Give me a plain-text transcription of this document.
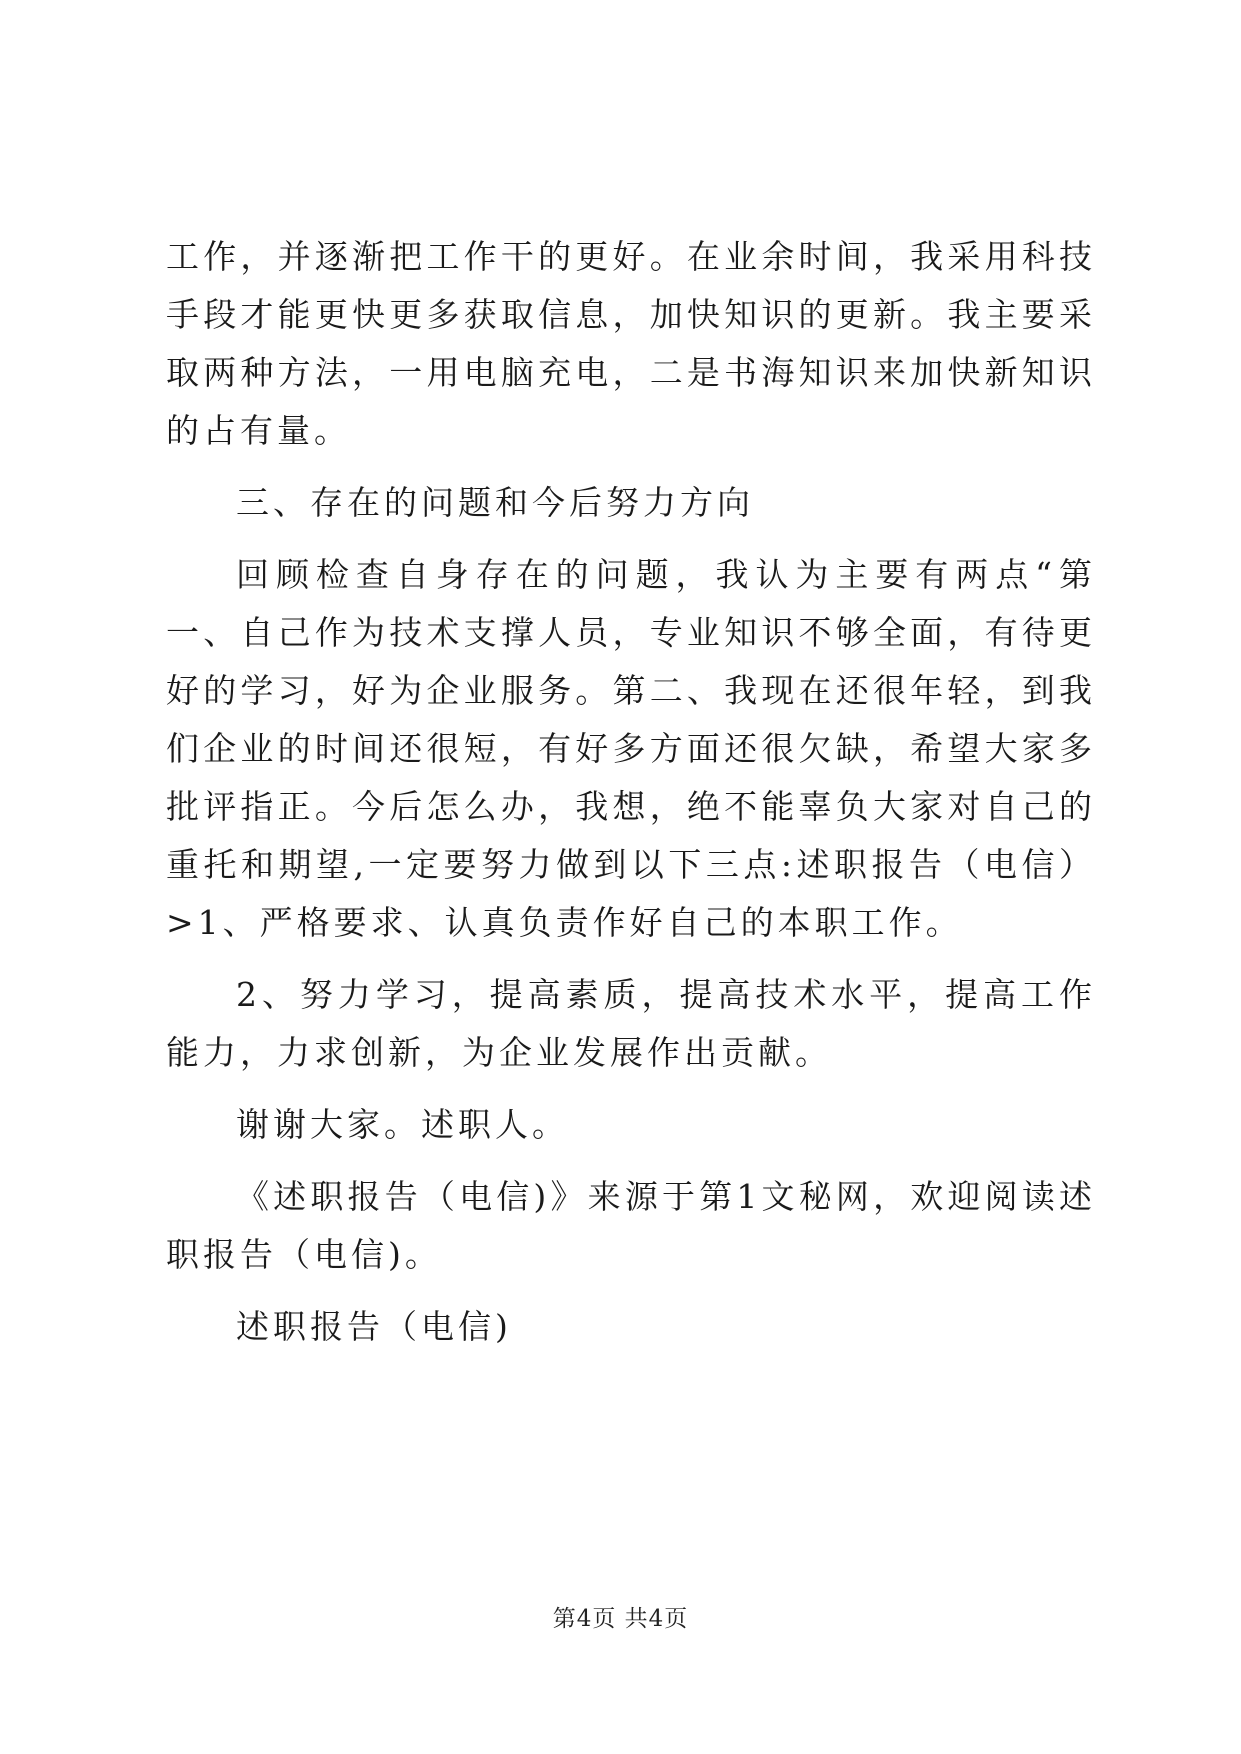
工作，并逐渐把工作干的更好。在业余时间，我采用科技手段才能更快更多获取信息，加快知识的更新。我主要采取两种方法，一用电脑充电，二是书海知识来加快新知识的占有量。

三、存在的问题和今后努力方向

回顾检查自身存在的问题，我认为主要有两点“第一、自己作为技术支撑人员，专业知识不够全面，有待更好的学习，好为企业服务。第二、我现在还很年轻，到我们企业的时间还很短，有好多方面还很欠缺，希望大家多批评指正。今后怎么办，我想，绝不能辜负大家对自己的重托和期望,一定要努力做到以下三点:述职报告（电信）>1、严格要求、认真负责作好自己的本职工作。

2、努力学习，提高素质，提高技术水平，提高工作能力，力求创新，为企业发展作出贡献。

谢谢大家。述职人。

《述职报告（电信)》来源于第1文秘网，欢迎阅读述职报告（电信)。

述职报告（电信)

第4页 共4页
